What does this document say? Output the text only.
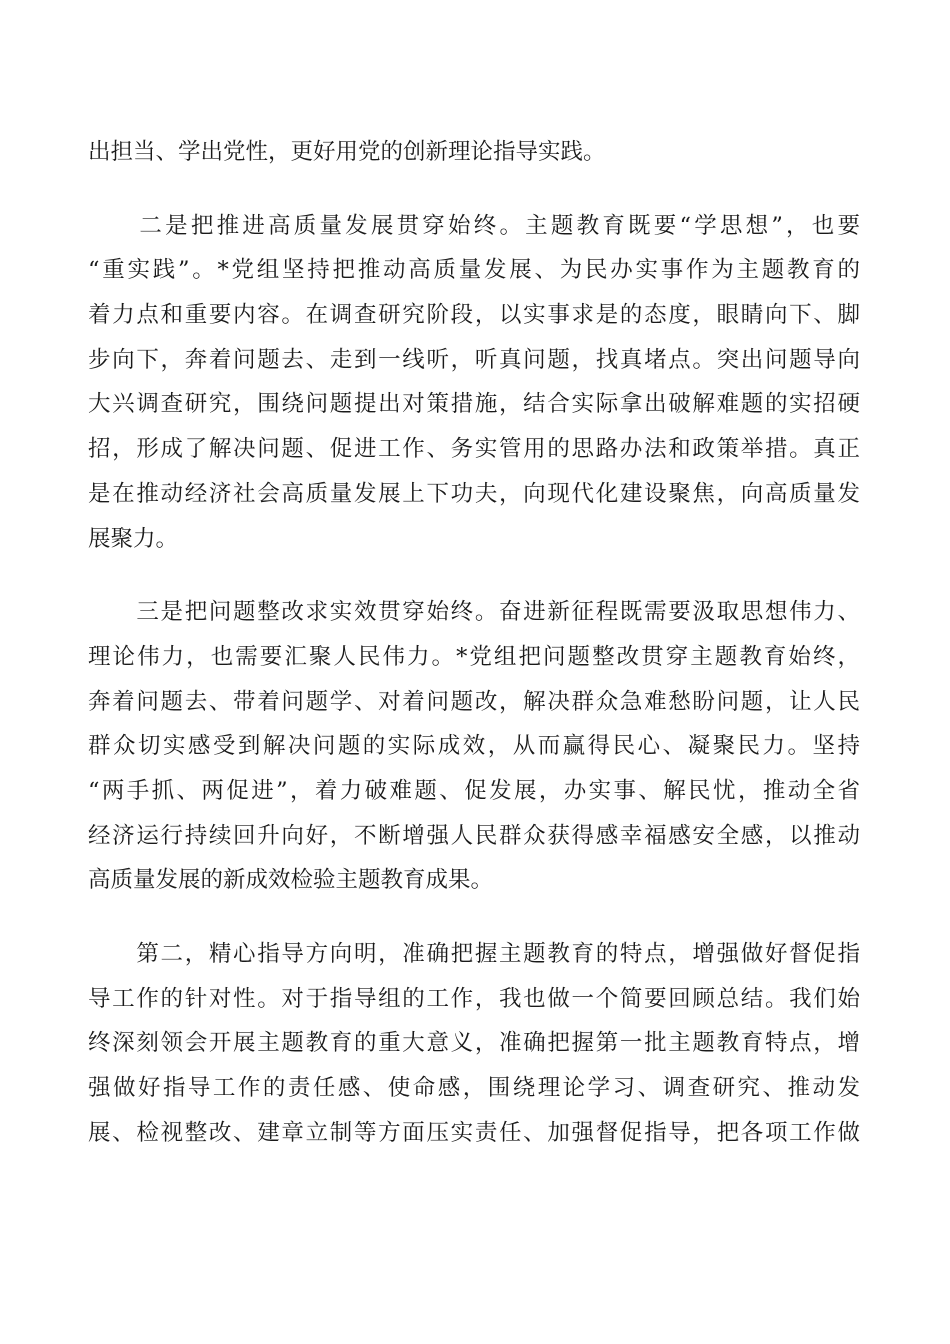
出担当、学出党性，更好用党的创新理论指导实践。
　　二是把推进高质量发展贯穿始终。主题教育既要“学思想”，也要
“重实践”。*党组坚持把推动高质量发展、为民办实事作为主题教育的
着力点和重要内容。在调查研究阶段，以实事求是的态度，眼睛向下、脚
步向下，奔着问题去、走到一线听，听真问题，找真堵点。突出问题导向
大兴调查研究，围绕问题提出对策措施，结合实际拿出破解难题的实招硬
招，形成了解决问题、促进工作、务实管用的思路办法和政策举措。真正
是在推动经济社会高质量发展上下功夫，向现代化建设聚焦，向高质量发
展聚力。
　　三是把问题整改求实效贯穿始终。奋进新征程既需要汲取思想伟力、
理论伟力，也需要汇聚人民伟力。*党组把问题整改贯穿主题教育始终，
奔着问题去、带着问题学、对着问题改，解决群众急难愁盼问题，让人民
群众切实感受到解决问题的实际成效，从而赢得民心、凝聚民力。坚持
“两手抓、两促进”，着力破难题、促发展，办实事、解民忧，推动全省
经济运行持续回升向好，不断增强人民群众获得感幸福感安全感，以推动
高质量发展的新成效检验主题教育成果。
　　第二，精心指导方向明，准确把握主题教育的特点，增强做好督促指
导工作的针对性。对于指导组的工作，我也做一个简要回顾总结。我们始
终深刻领会开展主题教育的重大意义，准确把握第一批主题教育特点，增
强做好指导工作的责任感、使命感，围绕理论学习、调查研究、推动发
展、检视整改、建章立制等方面压实责任、加强督促指导，把各项工作做
